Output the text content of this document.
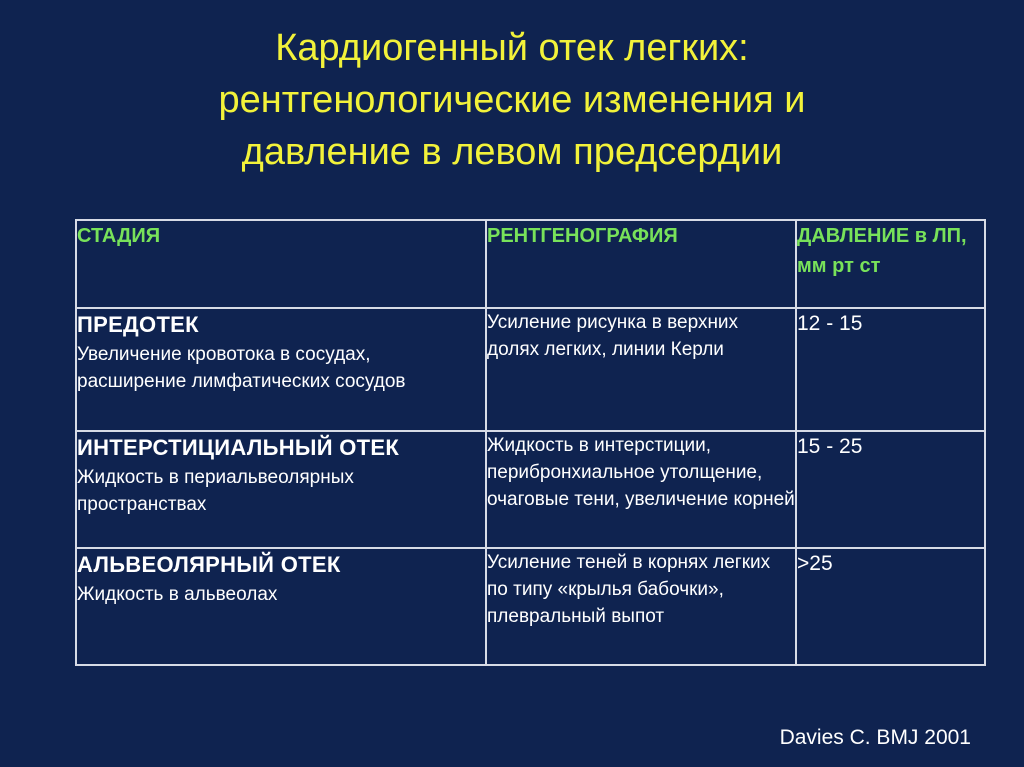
Кардиогенный отек легких:
рентгенологические изменения и
давление в левом предсердии
СТАДИЯ	РЕНТГЕНОГРАФИЯ	ДАВЛЕНИЕ в ЛП, мм рт ст

ПРЕДОТЕК
Увеличение кровотока в сосудах, расширение лимфатических сосудов	Усиление рисунка в верхних долях легких, линии Керли	12 - 15

ИНТЕРСТИЦИАЛЬНЫЙ ОТЕК
Жидкость в периальвеолярных пространствах	Жидкость в интерстиции, перибронхиальное утолщение, очаговые тени, увеличение корней	15 - 25

АЛЬВЕОЛЯРНЫЙ ОТЕК
Жидкость в альвеолах	Усиление теней в корнях легких по типу «крылья бабочки», плевральный выпот	>25
Davies C. BMJ 2001
